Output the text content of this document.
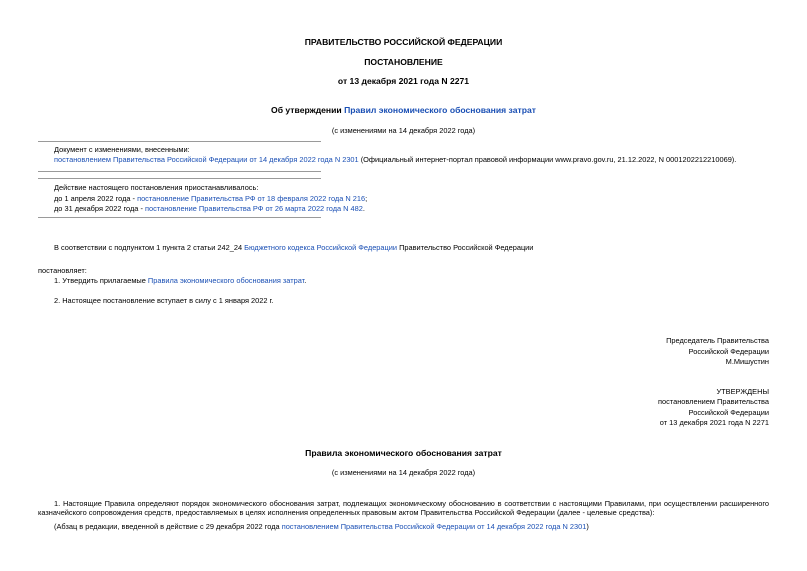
ПРАВИТЕЛЬСТВО РОССИЙСКОЙ ФЕДЕРАЦИИ
ПОСТАНОВЛЕНИЕ
от 13 декабря 2021 года N 2271
Об утверждении Правил экономического обоснования затрат
(с изменениями на 14 декабря 2022 года)
Документ с изменениями, внесенными:
постановлением Правительства Российской Федерации от 14 декабря 2022 года N 2301 (Официальный интернет-портал правовой информации www.pravo.gov.ru, 21.12.2022, N 0001202212210069).
Действие настоящего постановления приостанавливалось:
до 1 апреля 2022 года - постановление Правительства РФ от 18 февраля 2022 года N 216;
до 31 декабря 2022 года - постановление Правительства РФ от 26 марта 2022 года N 482.
В соответствии с подпунктом 1 пункта 2 статьи 242_24 Бюджетного кодекса Российской Федерации Правительство Российской Федерации
постановляет:
1. Утвердить прилагаемые Правила экономического обоснования затрат.
2. Настоящее постановление вступает в силу с 1 января 2022 г.
Председатель Правительства
Российской Федерации
М.Мишустин
УТВЕРЖДЕНЫ
постановлением Правительства
Российской Федерации
от 13 декабря 2021 года N 2271
Правила экономического обоснования затрат
(с изменениями на 14 декабря 2022 года)
1. Настоящие Правила определяют порядок экономического обоснования затрат, подлежащих экономическому обоснованию в соответствии с настоящими Правилами, при осуществлении расширенного казначейского сопровождения средств, предоставляемых в целях исполнения определенных правовым актом Правительства Российской Федерации (далее - целевые средства):
(Абзац в редакции, введенной в действие с 29 декабря 2022 года постановлением Правительства Российской Федерации от 14 декабря 2022 года N 2301)
